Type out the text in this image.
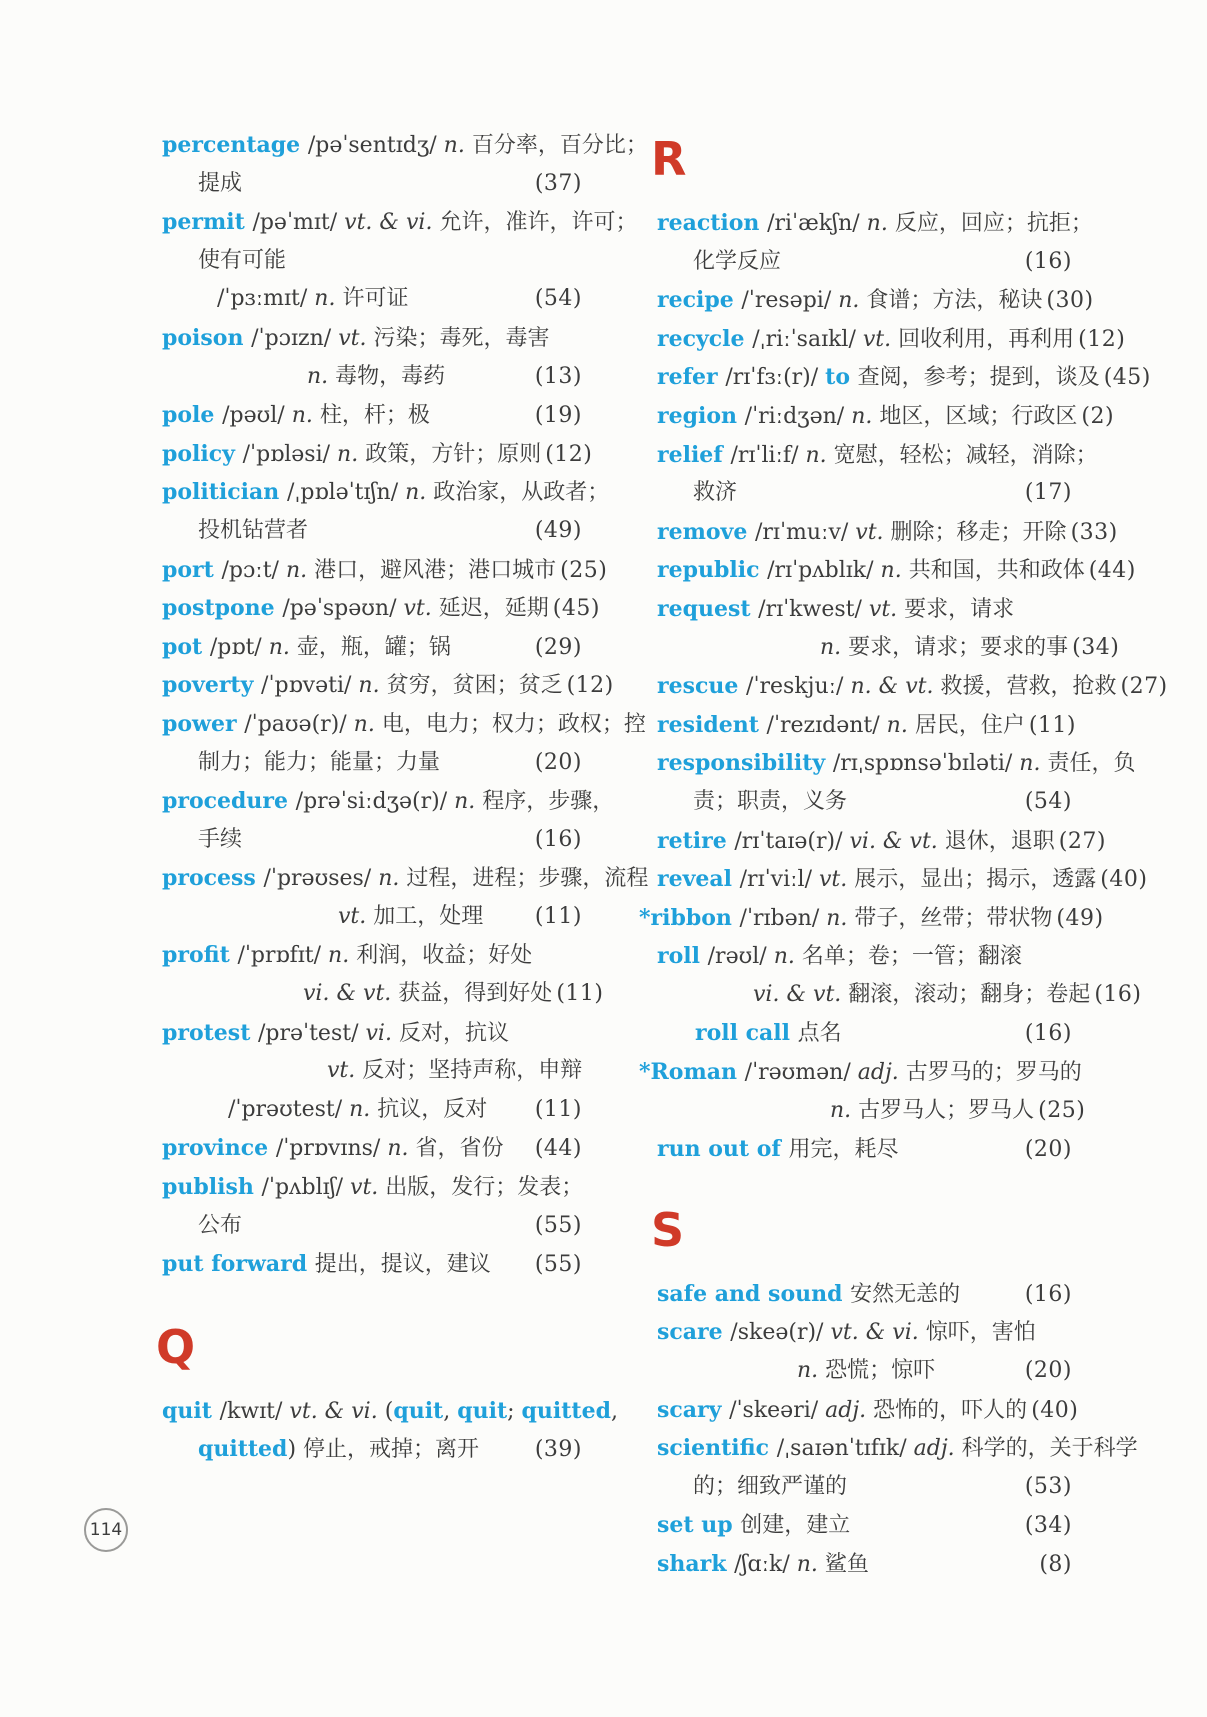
percentage /pəˈsentɪdʒ/ n. 百分率，百分比；
提成	(37)
permit /pəˈmɪt/ vt. & vi. 允许，准许，许可；
使有可能
/ˈpɜːmɪt/ n. 许可证	(54)
poison /ˈpɔɪzn/ vt. 污染；毒死，毒害
n. 毒物，毒药	(13)
pole /pəʊl/ n. 柱，杆；极	(19)
policy /ˈpɒləsi/ n. 政策，方针；原则 (12)
politician /ˌpɒləˈtɪʃn/ n. 政治家，从政者；
投机钻营者	(49)
port /pɔːt/ n. 港口，避风港；港口城市 (25)
postpone /pəˈspəʊn/ vt. 延迟，延期 (45)
pot /pɒt/ n. 壶，瓶，罐；锅	(29)
poverty /ˈpɒvəti/ n. 贫穷，贫困；贫乏 (12)
power /ˈpaʊə(r)/ n. 电，电力；权力；政权；控
制力；能力；能量；力量	(20)
procedure /prəˈsiːdʒə(r)/ n. 程序，步骤，
手续	(16)
process /ˈprəʊses/ n. 过程，进程；步骤，流程
vt. 加工，处理 (11)
profit /ˈprɒfɪt/ n. 利润，收益；好处
vi. & vt. 获益，得到好处 (11)
protest /prəˈtest/ vi. 反对，抗议
vt. 反对；坚持声称，申辩
/ˈprəʊtest/ n. 抗议，反对 (11)
province /ˈprɒvɪns/ n. 省，省份 (44)
publish /ˈpʌblɪʃ/ vt. 出版，发行；发表；
公布	(55)
put forward 提出，提议，建议 (55)
Q
quit /kwɪt/ vt. & vi. (quit, quit; quitted,
quitted) 停止，戒掉；离开	(39)
R
reaction /riˈækʃn/ n. 反应，回应；抗拒；
化学反应	(16)
recipe /ˈresəpi/ n. 食谱；方法，秘诀 (30)
recycle /ˌriːˈsaɪkl/ vt. 回收利用，再利用 (12)
refer /rɪˈfɜː(r)/ to 查阅，参考；提到，谈及 (45)
region /ˈriːdʒən/ n. 地区，区域；行政区 (2)
relief /rɪˈliːf/ n. 宽慰，轻松；减轻，消除；
救济	(17)
remove /rɪˈmuːv/ vt. 删除；移走；开除 (33)
republic /rɪˈpʌblɪk/ n. 共和国，共和政体 (44)
request /rɪˈkwest/ vt. 要求，请求
n. 要求，请求；要求的事 (34)
rescue /ˈreskjuː/ n. & vt. 救援，营救，抢救 (27)
resident /ˈrezɪdənt/ n. 居民，住户 (11)
responsibility /rɪˌspɒnsəˈbɪləti/ n. 责任，负
责；职责，义务	(54)
retire /rɪˈtaɪə(r)/ vi. & vt. 退休，退职 (27)
reveal /rɪˈviːl/ vt. 展示，显出；揭示，透露 (40)
*ribbon /ˈrɪbən/ n. 带子，丝带；带状物 (49)
roll /rəʊl/ n. 名单；卷；一管；翻滚
vi. & vt. 翻滚，滚动；翻身；卷起 (16)
roll call 点名	(16)
*Roman /ˈrəʊmən/ adj. 古罗马的；罗马的
n. 古罗马人；罗马人 (25)
run out of 用完，耗尽	(20)
S
safe and sound 安然无恙的	(16)
scare /skeə(r)/ vt. & vi. 惊吓，害怕
n. 恐慌；惊吓	(20)
scary /ˈskeəri/ adj. 恐怖的，吓人的 (40)
scientific /ˌsaɪənˈtɪfɪk/ adj. 科学的，关于科学
的；细致严谨的	(53)
set up 创建，建立	(34)
shark /ʃɑːk/ n. 鲨鱼	(8)
114
